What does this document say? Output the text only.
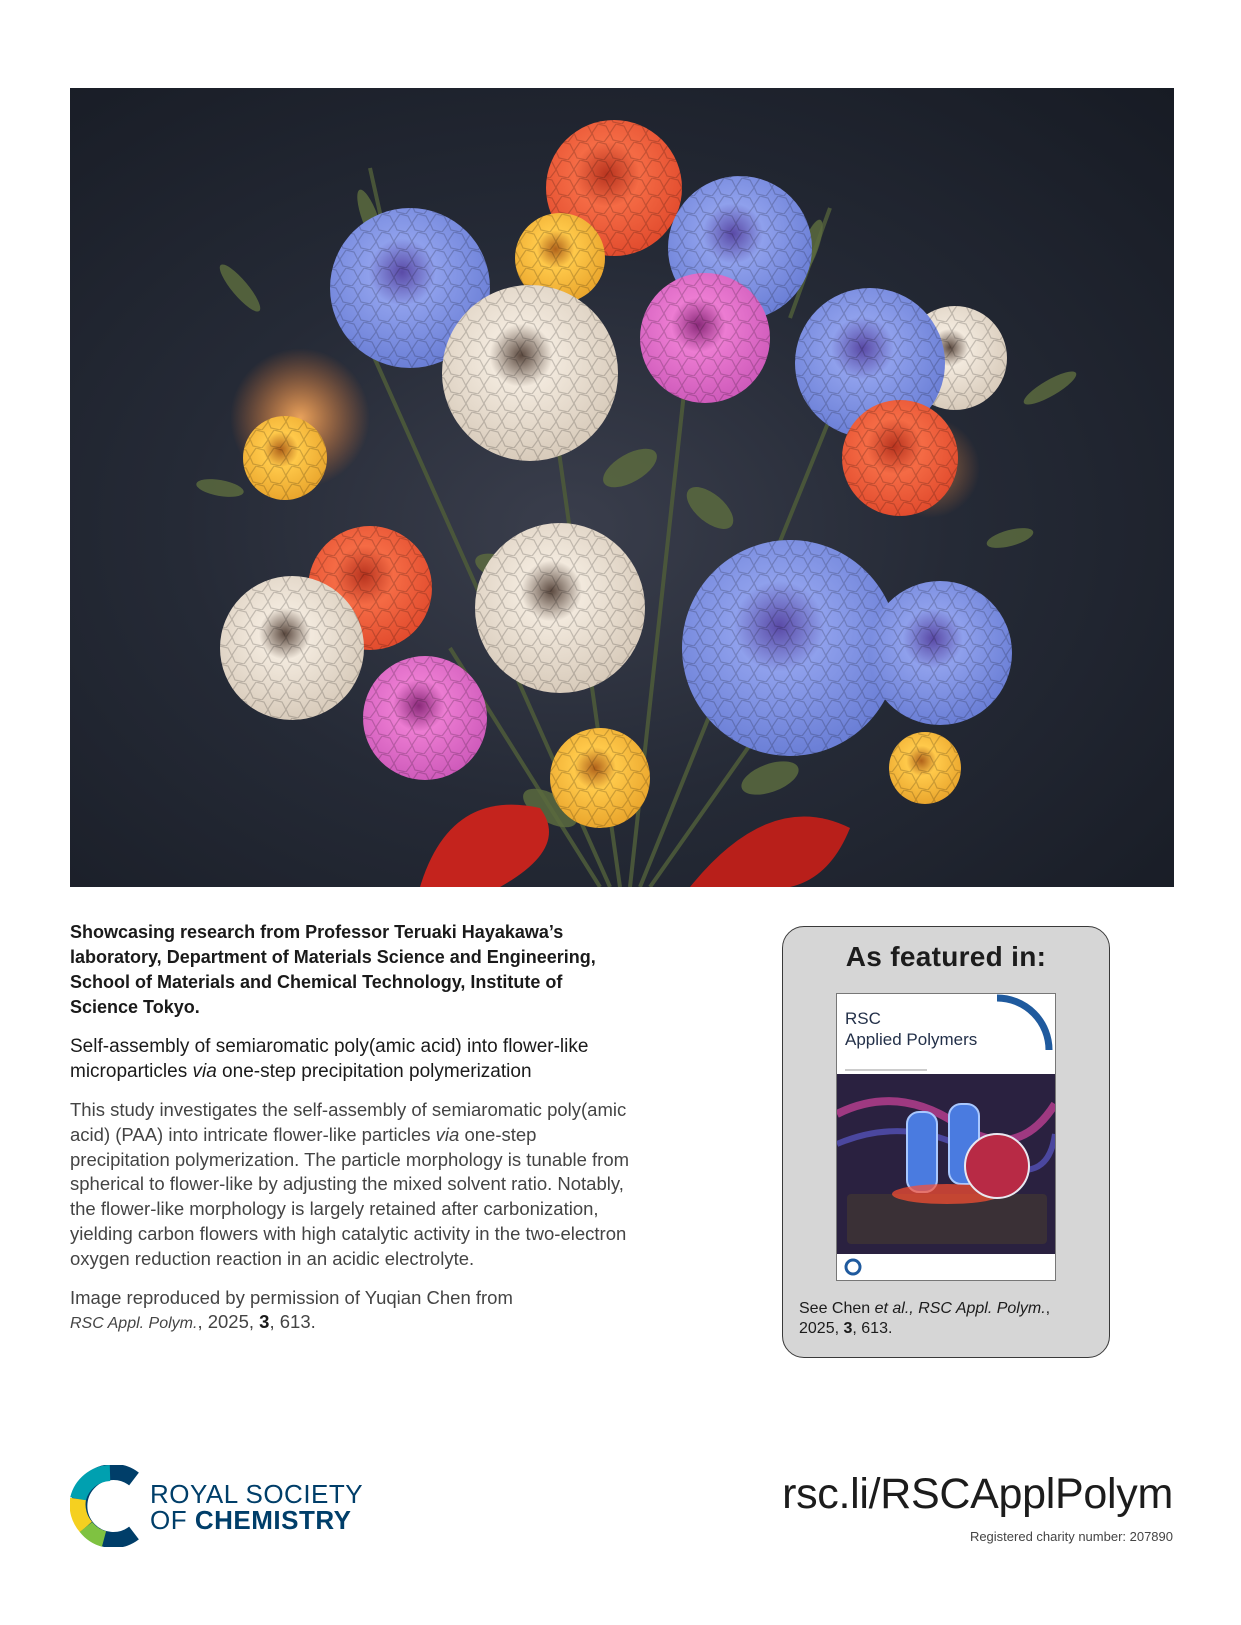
Showcasing research from Professor Teruaki Hayakawa’s laboratory, Department of Materials Science and Engineering, School of Materials and Chemical Technology, Institute of Science Tokyo.

Self-assembly of semiaromatic poly(amic acid) into flower-like microparticles via one-step precipitation polymerization

This study investigates the self-assembly of semiaromatic poly(amic acid) (PAA) into intricate flower-like particles via one-step precipitation polymerization. The particle morphology is tunable from spherical to flower-like by adjusting the mixed solvent ratio. Notably, the flower-like morphology is largely retained after carbonization, yielding carbon flowers with high catalytic activity in the two-electron oxygen reduction reaction in an acidic electrolyte.

Image reproduced by permission of Yuqian Chen from
RSC Appl. Polym., 2025, 3, 613.

As featured in:
RSC
Applied Polymers
See Chen et al., RSC Appl. Polym.,
2025, 3, 613.
ROYAL SOCIETY
OF CHEMISTRY
rsc.li/RSCApplPolym
Registered charity number: 207890
